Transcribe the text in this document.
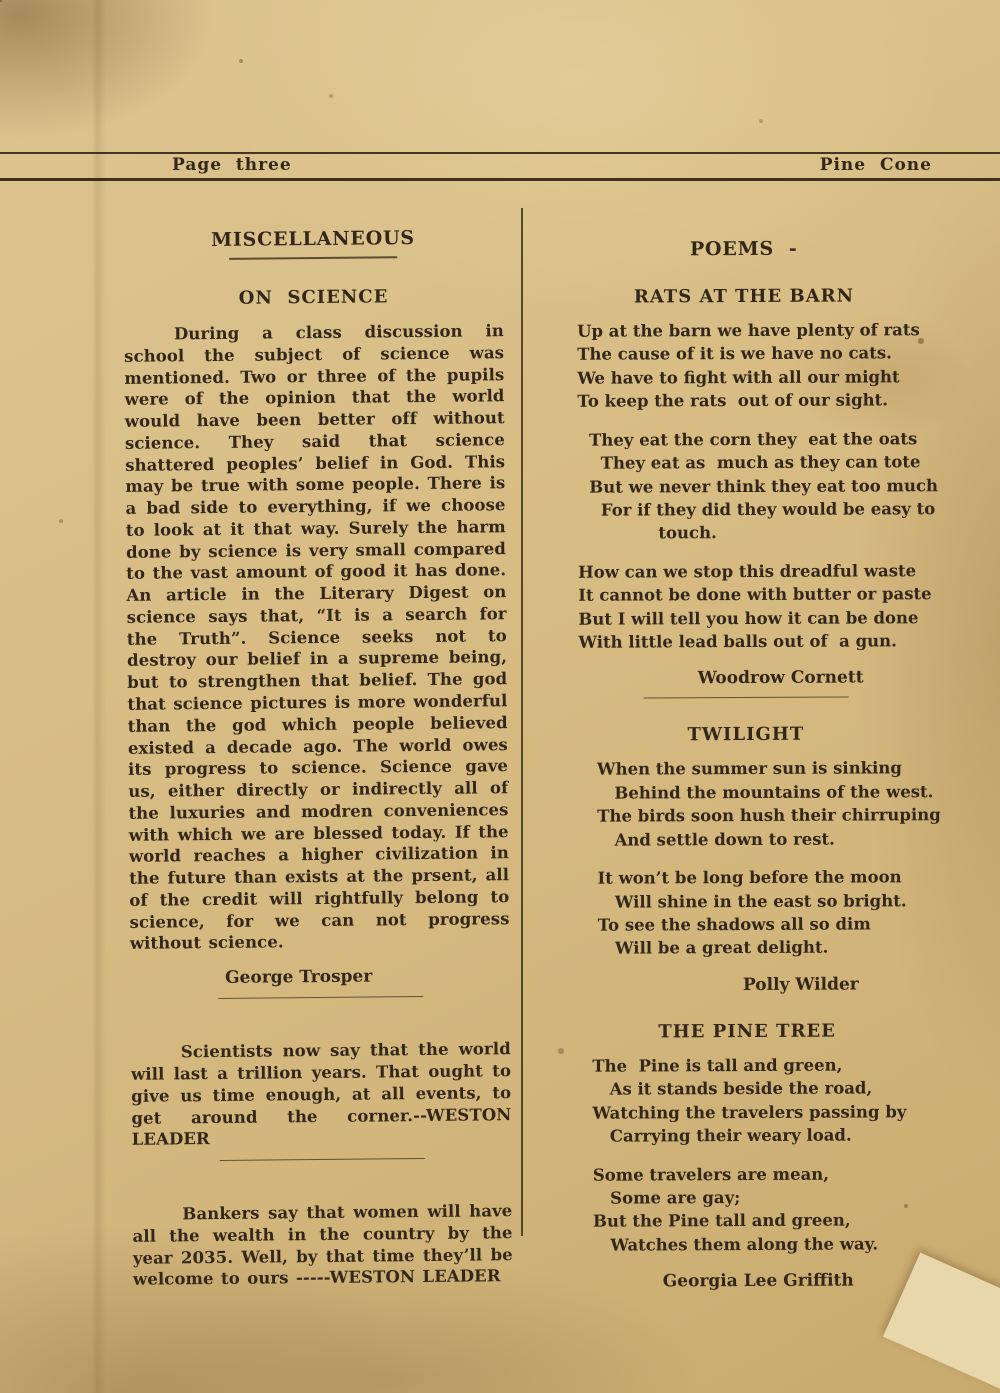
Page  three	Pine  Cone
MISCELLANEOUS
ON  SCIENCE

During a class discussion in school the subject of science was mentioned. Two or three of the pupils were of the opinion that the world would have been better off without science. They said that science shattered peoples’ belief in God. This may be true with some people. There is a bad side to everything, if we choose to look at it that way. Surely the harm done by science is very small compared to the vast amount of good it has done. An article in the Literary Digest on science says that, “It is a search for the Truth”. Science seeks not to destroy our belief in a supreme being, but to strengthen that belief. The god that science pictures is more wonderful than the god which people believed existed a decade ago. The world owes its progress to science. Science gave us, either directly or indirectly all of the luxuries and modren conveniences with which we are blessed today. If the world reaches a higher civilization in the future than exists at the prsent, all of the credit will rightfully belong to science, for we can not progress without science.

George Trosper

Scientists now say that the world will last a trillion years. That ought to give us time enough, at all events, to get around the corner.--WESTON LEADER

Bankers say that women will have all the wealth in the country by the year 2035. Well, by that time they’ll be welcome to ours -----WESTON LEADER

POEMS -
RATS AT THE BARN
Up at the barn we have plenty of rats
The cause of it is we have no cats.
We have to fight with all our might
To keep the rats  out of our sight.
They eat the corn they  eat the oats
They eat as  much as they can tote
But we never think they eat too much
For if they did they would be easy to
touch.
How can we stop this dreadful waste
It cannot be done with butter or paste
But I will tell you how it can be done
With little lead balls out of  a gun.
Woodrow Cornett
TWILIGHT
When the summer sun is sinking
Behind the mountains of the west.
The birds soon hush their chirruping
And settle down to rest.
It won’t be long before the moon
Will shine in the east so bright.
To see the shadows all so dim
Will be a great delight.
Polly Wilder
THE PINE TREE
The  Pine is tall and green,
As it stands beside the road,
Watching the travelers passing by
Carrying their weary load.
Some travelers are mean,
Some are gay;
But the Pine tall and green,
Watches them along the way.
Georgia Lee Griffith
